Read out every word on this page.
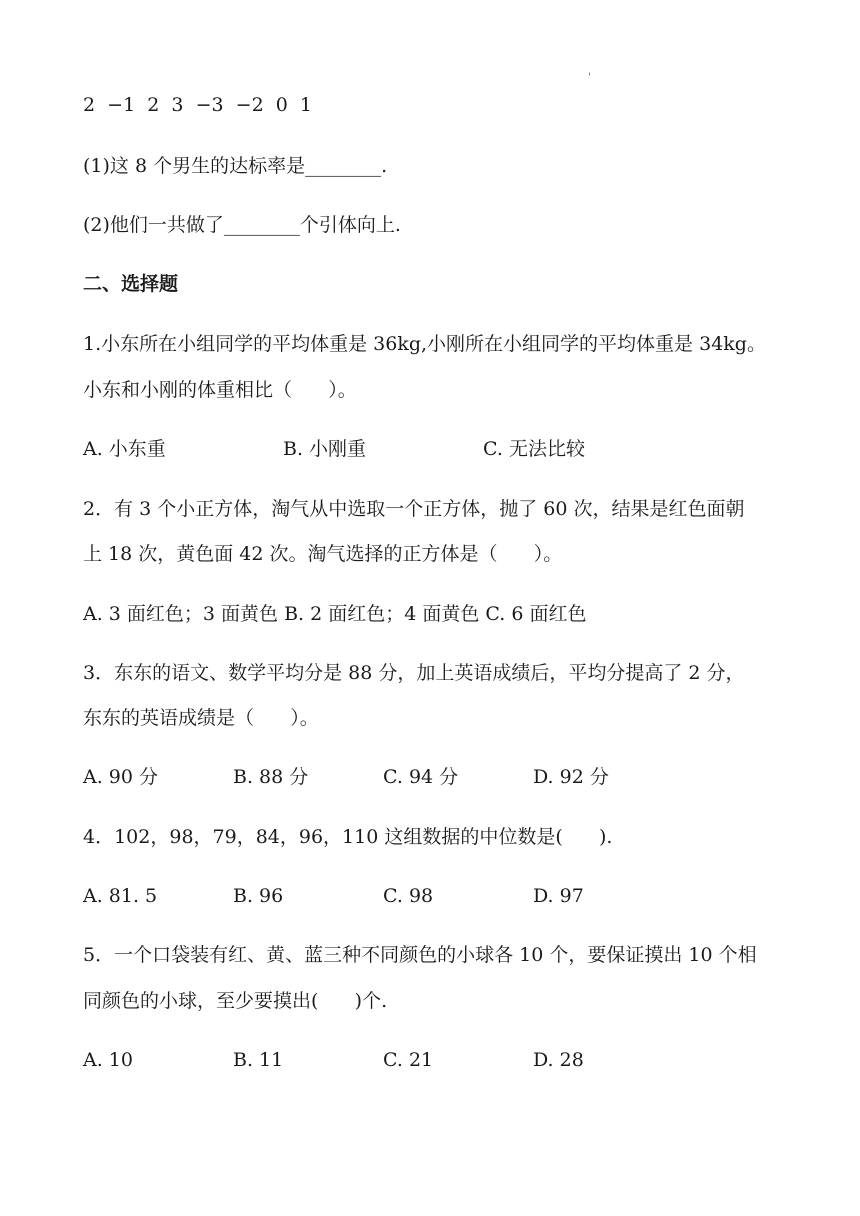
'
2  −1  2  3  −3  −2  0  1
(1)这 8 个男生的达标率是________.
(2)他们一共做了________个引体向上.
二、选择题
1.小东所在小组同学的平均体重是 36kg,小刚所在小组同学的平均体重是 34kg。
小东和小刚的体重相比（      ）。
A. 小东重	B. 小刚重	C. 无法比较
2．有 3 个小正方体，淘气从中选取一个正方体，抛了 60 次，结果是红色面朝
上 18 次，黄色面 42 次。淘气选择的正方体是（      ）。
A. 3 面红色；3 面黄色 B. 2 面红色；4 面黄色 C. 6 面红色
3．东东的语文、数学平均分是 88 分，加上英语成绩后，平均分提高了 2 分，
东东的英语成绩是（      ）。
A. 90 分	B. 88 分	C. 94 分	D. 92 分
4．102，98，79，84，96，110 这组数据的中位数是(      ).
A. 81. 5	B. 96	C. 98	D. 97
5．一个口袋装有红、黄、蓝三种不同颜色的小球各 10 个，要保证摸出 10 个相
同颜色的小球，至少要摸出(      )个.
A. 10	B. 11	C. 21	D. 28
